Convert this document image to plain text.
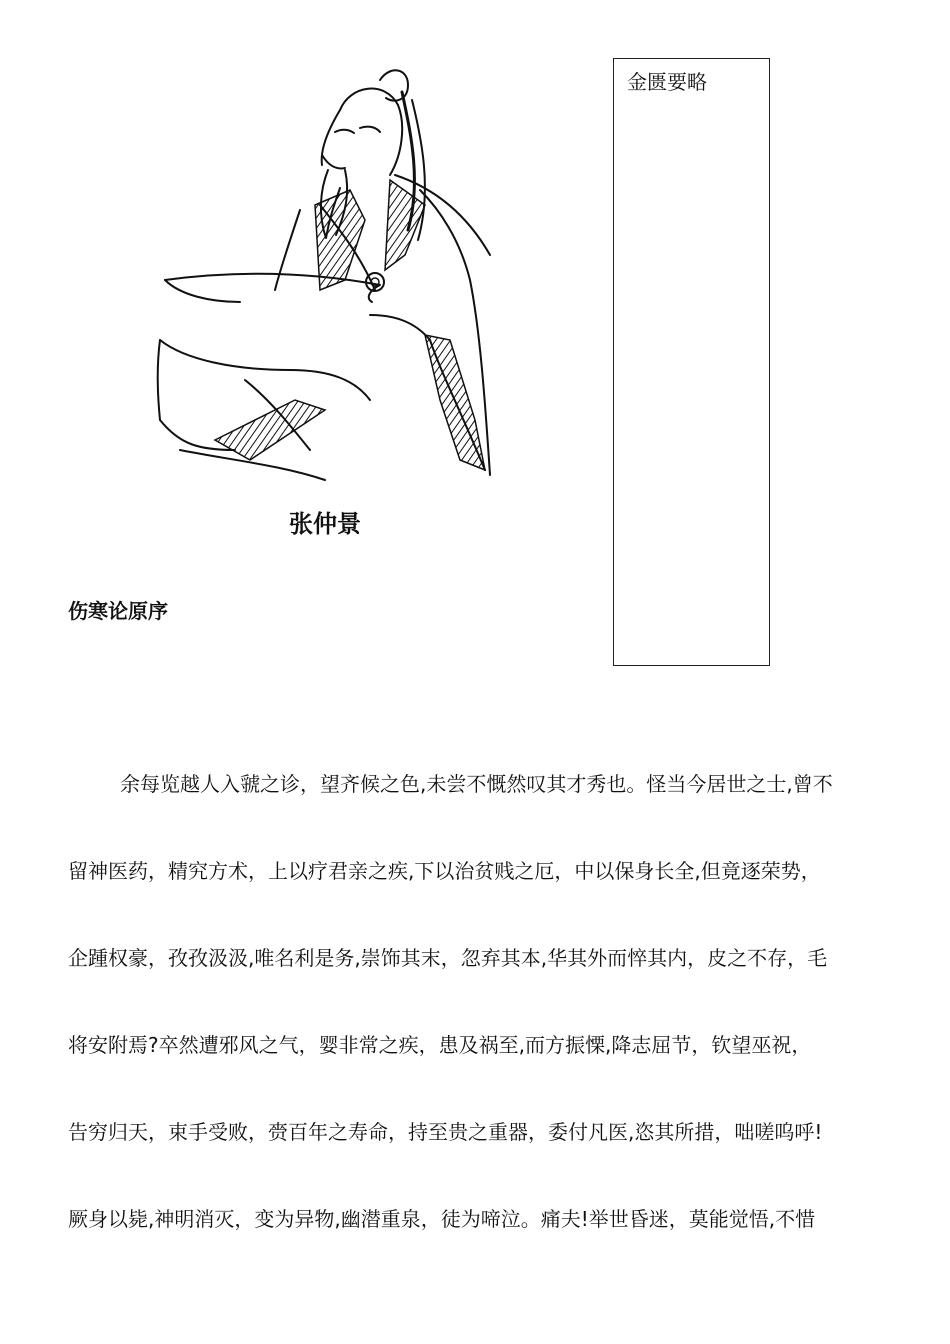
张仲景
金匮要略
伤寒论原序
余每览越人入虢之诊，望齐候之色,未尝不慨然叹其才秀也。怪当今居世之士,曾不
留神医药，精究方术，上以疗君亲之疾,下以治贫贱之厄，中以保身长全,但竟逐荣势，
企踵权豪，孜孜汲汲,唯名利是务,崇饰其末，忽弃其本,华其外而悴其内，皮之不存，毛
将安附焉?卒然遭邪风之气，婴非常之疾，患及祸至,而方振慄,降志屈节，钦望巫祝，
告穷归天，束手受败，赍百年之寿命，持至贵之重器，委付凡医,恣其所措，咄嗟呜呼!
厥身以毙,神明消灭，变为异物,幽潜重泉，徒为啼泣。痛夫!举世昏迷，莫能觉悟,不惜
